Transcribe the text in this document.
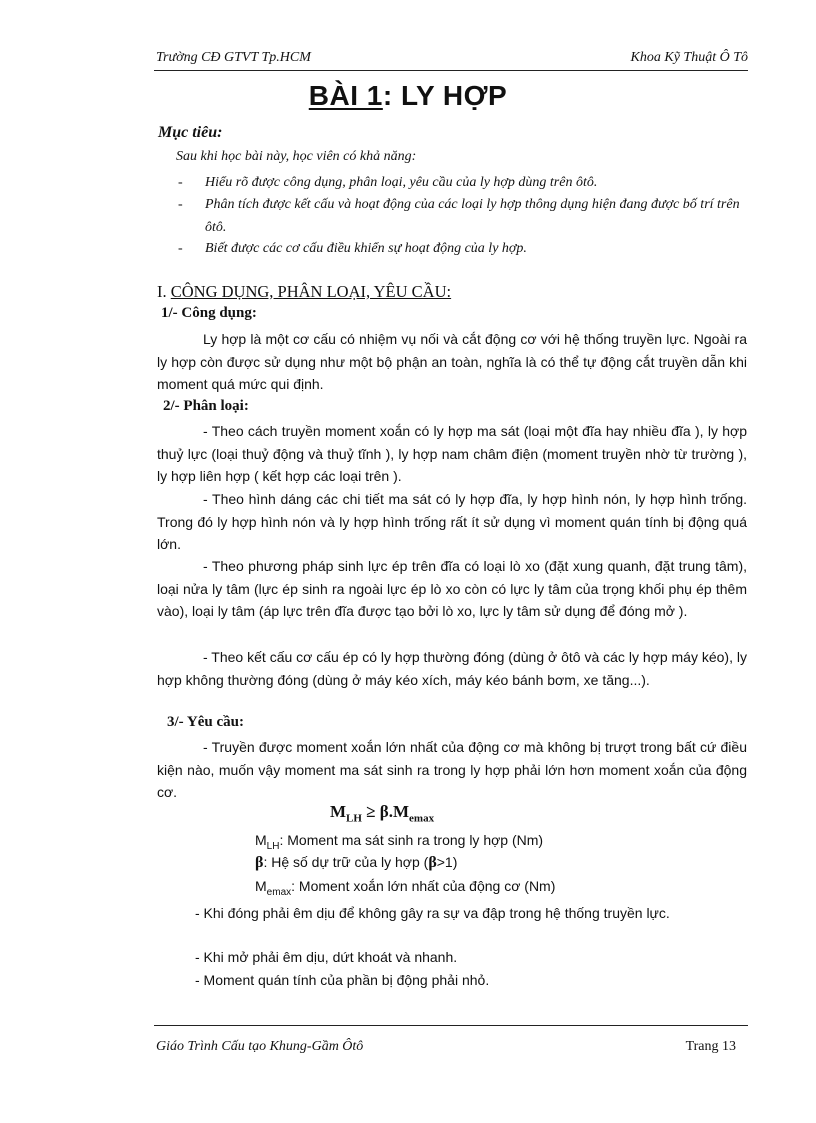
Trường CĐ GTVT Tp.HCM	Khoa Kỹ Thuật Ô Tô
BÀI 1: LY HỢP
Mục tiêu:
Sau khi học bài này, học viên có khả năng:
- Hiểu rõ được công dụng, phân loại, yêu cầu của ly hợp dùng trên ôtô.
- Phân tích được kết cấu và hoạt động của các loại ly hợp thông dụng hiện đang được bố trí trên ôtô.
- Biết được các cơ cấu điều khiển sự hoạt động của ly hợp.
I. CÔNG DỤNG, PHÂN LOẠI, YÊU CẦU:
1/- Công dụng:
Ly hợp là một cơ cấu có nhiệm vụ nối và cắt động cơ với hệ thống truyền lực. Ngoài ra ly hợp còn được sử dụng như một bộ phận an toàn, nghĩa là có thể tự động cắt truyền dẫn khi moment quá mức qui định.
2/- Phân loại:
- Theo cách truyền moment xoắn có ly hợp ma sát (loại một đĩa hay nhiều đĩa ), ly hợp thuỷ lực (loại thuỷ động và thuỷ tĩnh ), ly hợp nam châm điện (moment truyền nhờ từ trường ), ly hợp liên hợp ( kết hợp các loại trên ).
- Theo hình dáng các chi tiết ma sát có ly hợp đĩa, ly hợp hình nón, ly hợp hình trống. Trong đó ly hợp hình nón và ly hợp hình trống rất ít sử dụng vì moment quán tính bị động quá lớn.
- Theo phương pháp sinh lực ép trên đĩa có loại lò xo (đặt xung quanh, đặt trung tâm), loại nửa ly tâm (lực ép sinh ra ngoài lực ép lò xo còn có lực ly tâm của trọng khối phụ ép thêm vào), loại ly tâm (áp lực trên đĩa được tạo bởi lò xo, lực ly tâm sử dụng để đóng mở ).
- Theo kết cấu cơ cấu ép có ly hợp thường đóng (dùng ở ôtô và các ly hợp máy kéo), ly hợp không thường đóng (dùng ở máy kéo xích, máy kéo bánh bơm, xe tăng...).
3/- Yêu cầu:
- Truyền được moment xoắn lớn nhất của động cơ mà không bị trượt trong bất cứ điều kiện nào, muốn vậy moment ma sát sinh ra trong ly hợp phải lớn hơn moment xoắn của động cơ.
$M_{LH} \ge \beta.M_{emax}$
$M_{LH}$: Moment ma sát sinh ra trong ly hợp (Nm)
β: Hệ số dự trữ của ly hợp (β>1)
$M_{emax}$: Moment xoắn lớn nhất của động cơ (Nm)
- Khi đóng phải êm dịu để không gây ra sự va đập trong hệ thống truyền lực.
- Khi mở phải êm dịu, dứt khoát và nhanh.
- Moment quán tính của phần bị động phải nhỏ.
Giáo Trình Cấu tạo Khung-Gầm Ôtô	Trang 13
